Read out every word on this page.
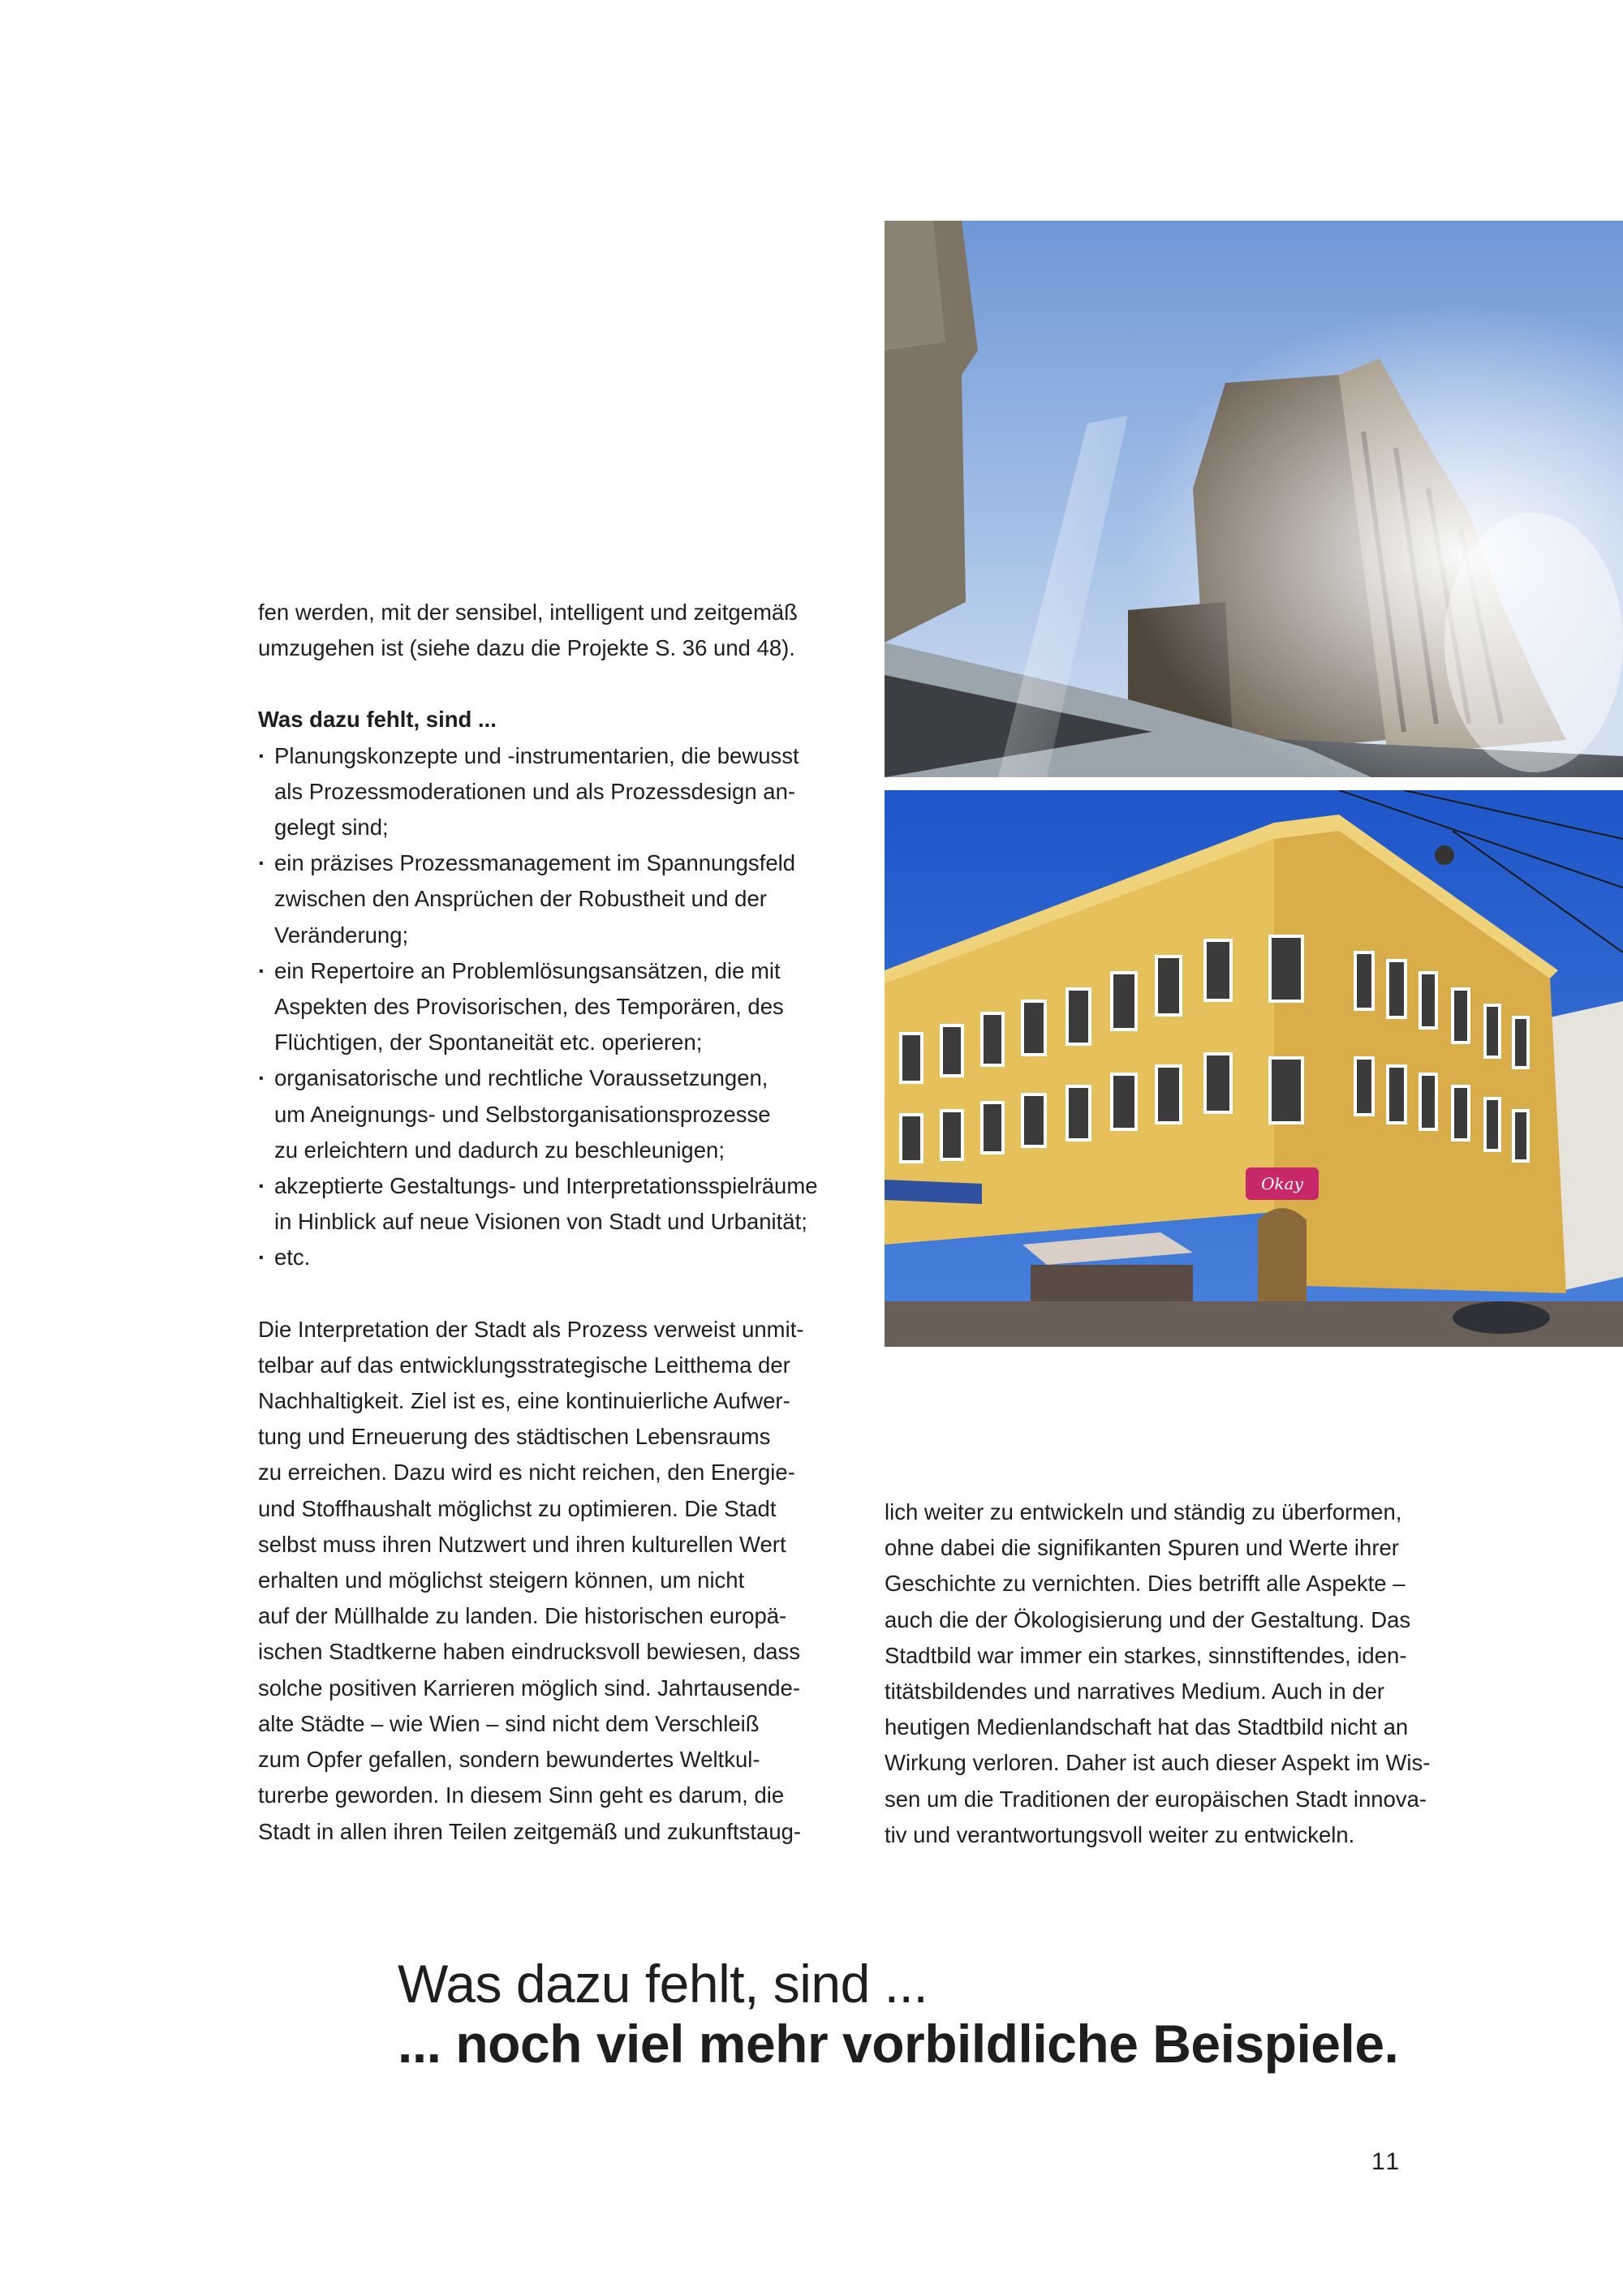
fen werden, mit der sensibel, intelligent und zeitgemäß

umzugehen ist (siehe dazu die Projekte S. 36 und 48).

Was dazu fehlt, sind ...

· Planungskonzepte und -instrumentarien, die bewusst
als Prozessmoderationen und als Prozessdesign an-
gelegt sind;
· ein präzises Prozessmanagement im Spannungsfeld
zwischen den Ansprüchen der Robustheit und der
Veränderung;
· ein Repertoire an Problemlösungsansätzen, die mit
Aspekten des Provisorischen, des Temporären, des
Flüchtigen, der Spontaneität etc. operieren;
· organisatorische und rechtliche Voraussetzungen,
um Aneignungs- und Selbstorganisationsprozesse
zu erleichtern und dadurch zu beschleunigen;
· akzeptierte Gestaltungs- und Interpretationsspielräume
in Hinblick auf neue Visionen von Stadt und Urbanität;
· etc.

Die Interpretation der Stadt als Prozess verweist unmit-

telbar auf das entwicklungsstrategische Leitthema der

Nachhaltigkeit. Ziel ist es, eine kontinuierliche Aufwer-

tung und Erneuerung des städtischen Lebensraums

zu erreichen. Dazu wird es nicht reichen, den Energie-

und Stoffhaushalt möglichst zu optimieren. Die Stadt

selbst muss ihren Nutzwert und ihren kulturellen Wert

erhalten und möglichst steigern können, um nicht

auf der Müllhalde zu landen. Die historischen europä-

ischen Stadtkerne haben eindrucksvoll bewiesen, dass

solche positiven Karrieren möglich sind. Jahrtausende-

alte Städte – wie Wien – sind nicht dem Verschleiß

zum Opfer gefallen, sondern bewundertes Weltkul-

turerbe geworden. In diesem Sinn geht es darum, die

Stadt in allen ihren Teilen zeitgemäß und zukunftstaug-

Okay

lich weiter zu entwickeln und ständig zu überformen,

ohne dabei die signifikanten Spuren und Werte ihrer

Geschichte zu vernichten. Dies betrifft alle Aspekte –

auch die der Ökologisierung und der Gestaltung. Das

Stadtbild war immer ein starkes, sinnstiftendes, iden-

titätsbildendes und narratives Medium. Auch in der

heutigen Medienlandschaft hat das Stadtbild nicht an

Wirkung verloren. Daher ist auch dieser Aspekt im Wis-

sen um die Traditionen der europäischen Stadt innova-

tiv und verantwortungsvoll weiter zu entwickeln.

Was dazu fehlt, sind ...
... noch viel mehr vorbildliche Beispiele.
11
